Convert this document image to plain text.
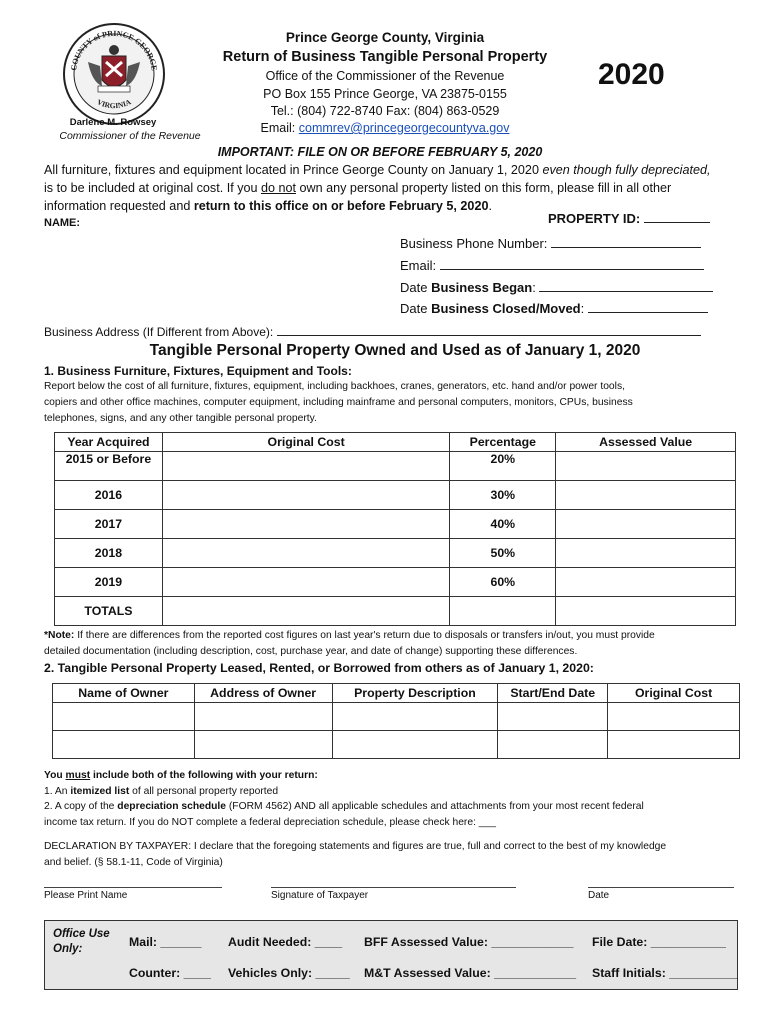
COUNTY of PRINCE GEORGE
VIRGINIA
Darlene M. Rowsey
Commissioner of the Revenue
Prince George County, Virginia
Return of Business Tangible Personal Property
Office of the Commissioner of the Revenue
PO Box 155 Prince George, VA 23875-0155
Tel.: (804) 722-8740 Fax: (804) 863-0529
Email: commrev@princegeorgecountyva.gov
2020
IMPORTANT: FILE ON OR BEFORE FEBRUARY 5, 2020
All furniture, fixtures and equipment located in Prince George County on January 1, 2020 even though fully depreciated,
is to be included at original cost. If you do not own any personal property listed on this form, please fill in all other
information requested and return to this office on or before February 5, 2020.
NAME:	PROPERTY ID:
Business Phone Number:
Email:
Date Business Began:
Date Business Closed/Moved:
Business Address (If Different from Above):
Tangible Personal Property Owned and Used as of January 1, 2020
1. Business Furniture, Fixtures, Equipment and Tools:
Report below the cost of all furniture, fixtures, equipment, including backhoes, cranes, generators, etc. hand and/or power tools,
copiers and other office machines, computer equipment, including mainframe and personal computers, monitors, CPUs, business
telephones, signs, and any other tangible personal property.
Year Acquired	Original Cost	Percentage	Assessed Value
2015 or Before		20%	
2016		30%	
2017		40%	
2018		50%	
2019		60%	
TOTALS			
*Note: If there are differences from the reported cost figures on last year's return due to disposals or transfers in/out, you must provide
detailed documentation (including description, cost, purchase year, and date of change) supporting these differences.
2. Tangible Personal Property Leased, Rented, or Borrowed from others as of January 1, 2020:
Name of Owner	Address of Owner	Property Description	Start/End Date	Original Cost

You must include both of the following with your return:
1. An itemized list of all personal property reported
2. A copy of the depreciation schedule (FORM 4562) AND all applicable schedules and attachments from your most recent federal
income tax return. If you do NOT complete a federal depreciation schedule, please check here: ___
DECLARATION BY TAXPAYER: I declare that the foregoing statements and figures are true, full and correct to the best of my knowledge
and belief. (§ 58.1-11, Code of Virginia)
Please Print Name	Signature of Taxpayer	Date
Office Use
Only:	Mail: ______ Audit Needed: ____ BFF Assessed Value: ____________ File Date: ___________
Counter: ____ Vehicles Only: _____ M&T Assessed Value: ____________ Staff Initials: __________
